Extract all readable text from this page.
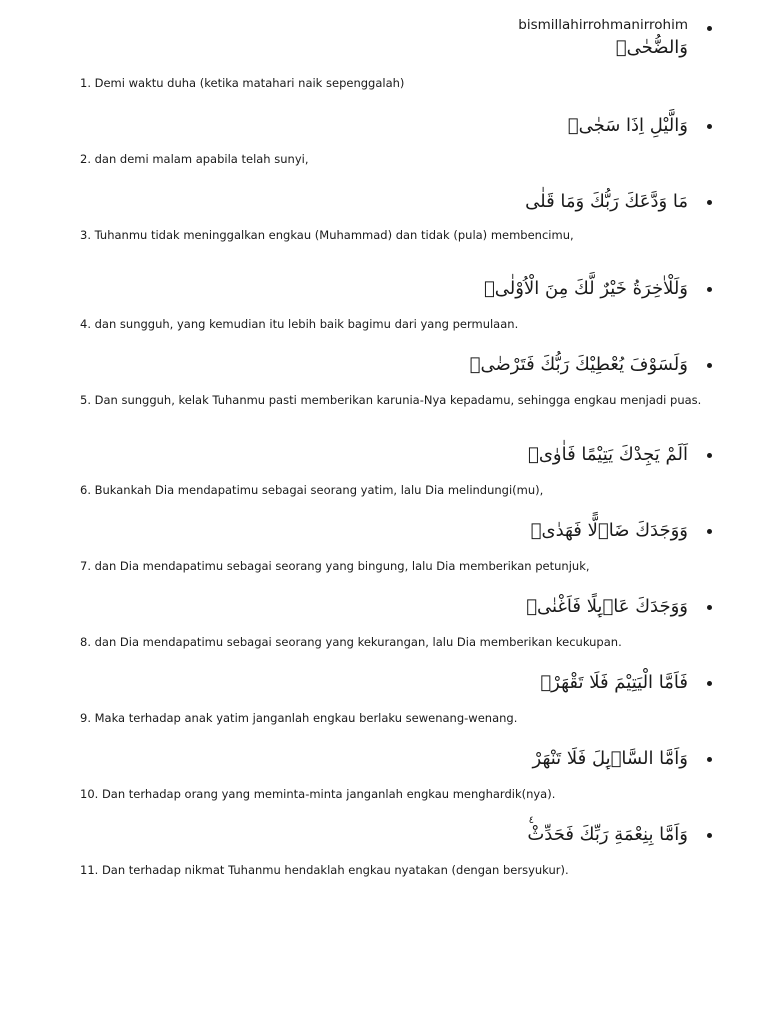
bismillahirrohmanirrohim
وَالضُّحٰىۙ
1. Demi waktu duha (ketika matahari naik sepenggalah)
وَالَّيْلِ اِذَا سَجٰىۙ
2. dan demi malam apabila telah sunyi,
مَا وَدَّعَكَ رَبُّكَ وَمَا قَلٰى
3. Tuhanmu tidak meninggalkan engkau (Muhammad) dan tidak (pula) membencimu,
وَلَلْاٰخِرَةُ خَيْرٌ لَّكَ مِنَ الْاُوْلٰىۗ
4. dan sungguh, yang kemudian itu lebih baik bagimu dari yang permulaan.
وَلَسَوْفَ يُعْطِيْكَ رَبُّكَ فَتَرْضٰىۗ
5. Dan sungguh, kelak Tuhanmu pasti memberikan karunia-Nya kepadamu, sehingga engkau menjadi puas.
اَلَمْ يَجِدْكَ يَتِيْمًا فَاٰوٰىۖ
6. Bukankah Dia mendapatimu sebagai seorang yatim, lalu Dia melindungi(mu),
وَوَجَدَكَ ضَاۤلًّا فَهَدٰىۖ
7. dan Dia mendapatimu sebagai seorang yang bingung, lalu Dia memberikan petunjuk,
وَوَجَدَكَ عَاۤىِٕلًا فَاَغْنٰىۗ
8. dan Dia mendapatimu sebagai seorang yang kekurangan, lalu Dia memberikan kecukupan.
فَاَمَّا الْيَتِيْمَ فَلَا تَقْهَرْۗ
9. Maka terhadap anak yatim janganlah engkau berlaku sewenang-wenang.
وَاَمَّا السَّاۤىِٕلَ فَلَا تَنْهَرْ
10. Dan terhadap orang yang meminta-minta janganlah engkau menghardik(nya).
٤
وَاَمَّا بِنِعْمَةِ رَبِّكَ فَحَدِّثْ
11. Dan terhadap nikmat Tuhanmu hendaklah engkau nyatakan (dengan bersyukur).
